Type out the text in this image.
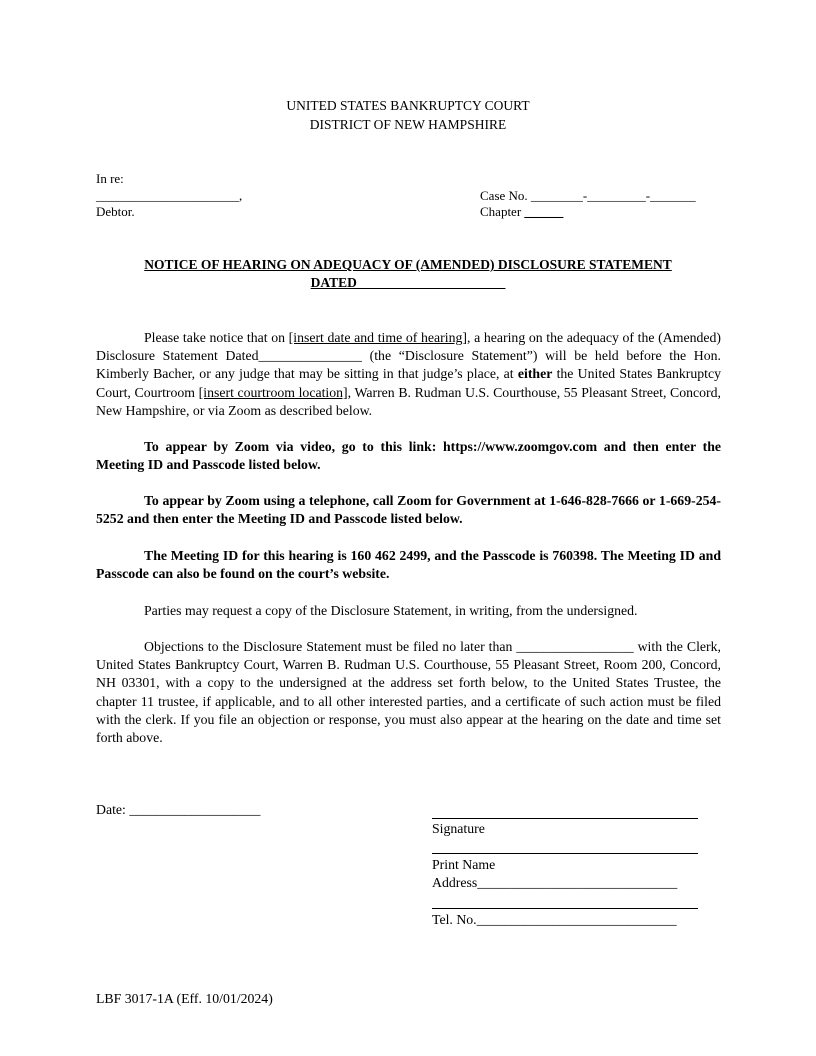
UNITED STATES BANKRUPTCY COURT
DISTRICT OF NEW HAMPSHIRE
In re:
______________________,
Debtor.
Case No. ________-_________-_______
Chapter ______
NOTICE OF HEARING ON ADEQUACY OF (AMENDED) DISCLOSURE STATEMENT
DATED______________________

Please take notice that on [insert date and time of hearing], a hearing on the adequacy of the (Amended) Disclosure Statement Dated_______________ (the “Disclosure Statement”) will be held before the Hon. Kimberly Bacher, or any judge that may be sitting in that judge’s place, at either the United States Bankruptcy Court, Courtroom [insert courtroom location], Warren B. Rudman U.S. Courthouse, 55 Pleasant Street, Concord, New Hampshire, or via Zoom as described below.

To appear by Zoom via video, go to this link: https://www.zoomgov.com and then enter the Meeting ID and Passcode listed below.

To appear by Zoom using a telephone, call Zoom for Government at 1-646-828-7666 or 1-669-254-5252 and then enter the Meeting ID and Passcode listed below.

The Meeting ID for this hearing is 160 462 2499, and the Passcode is 760398. The Meeting ID and Passcode can also be found on the court’s website.

Parties may request a copy of the Disclosure Statement, in writing, from the undersigned.

Objections to the Disclosure Statement must be filed no later than _________________ with the Clerk, United States Bankruptcy Court, Warren B. Rudman U.S. Courthouse, 55 Pleasant Street, Room 200, Concord, NH 03301, with a copy to the undersigned at the address set forth below, to the United States Trustee, the chapter 11 trustee, if applicable, and to all other interested parties, and a certificate of such action must be filed with the clerk. If you file an objection or response, you must also appear at the hearing on the date and time set forth above.

Date: ___________________
Signature
Print Name
Address_____________________________
Tel. No._____________________________
LBF 3017-1A (Eff. 10/01/2024)
